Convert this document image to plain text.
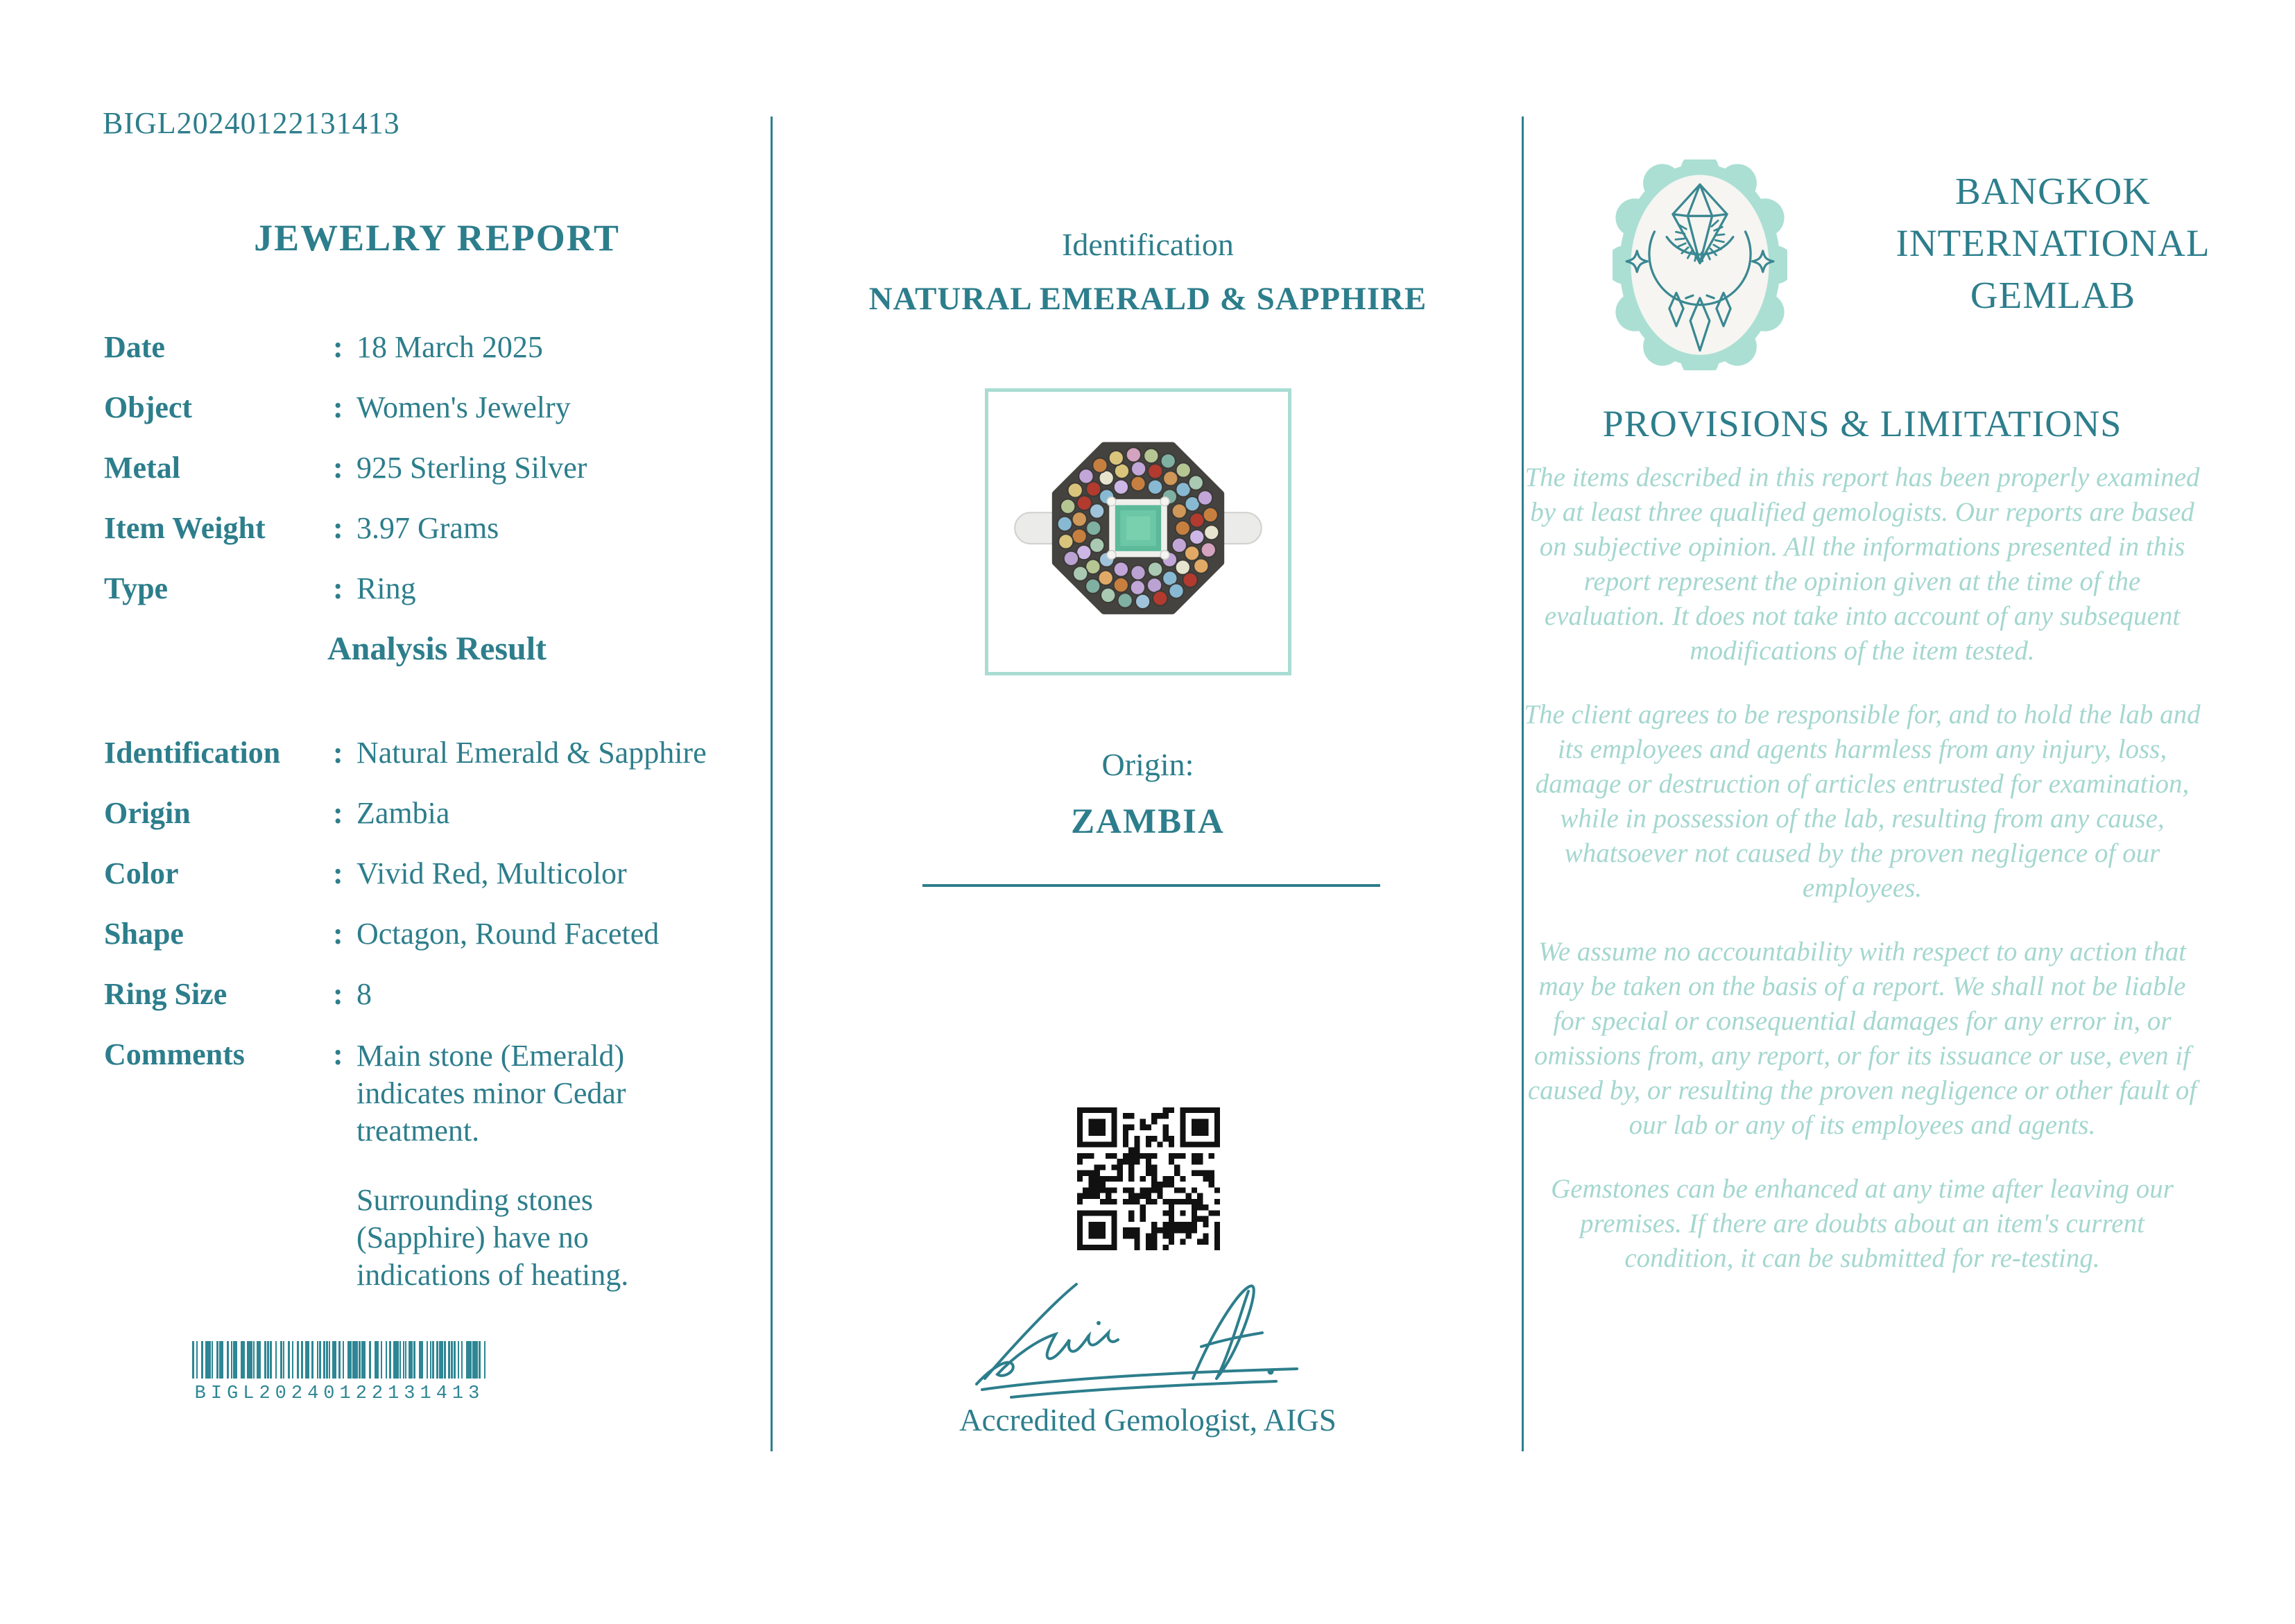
BIGL20240122131413
JEWELRY REPORT
Date :	18 March 2025
Object :	Women's Jewelry
Metal :	925 Sterling Silver
Item Weight :	3.97 Grams
Type :	Ring
Analysis Result
Identification :	Natural Emerald & Sapphire
Origin :	Zambia
Color :	Vivid Red, Multicolor
Shape :	Octagon, Round Faceted
Ring Size :	8
Comments :	Main stone (Emerald) indicates minor Cedar treatment.

Surrounding stones (Sapphire) have no indications of heating.

BIGL20240122131413
Identification
NATURAL EMERALD & SAPPHIRE
Origin:
ZAMBIA
Accredited Gemologist, AIGS
BANGKOK
INTERNATIONAL
GEMLAB
PROVISIONS & LIMITATIONS

The items described in this report has been properly examined by at least three qualified gemologists. Our reports are based on subjective opinion. All the informations presented in this report represent the opinion given at the time of the evaluation. It does not take into account of any subsequent modifications of the item tested.

The client agrees to be responsible for, and to hold the lab and its employees and agents harmless from any injury, loss, damage or destruction of articles entrusted for examination, while in possession of the lab, resulting from any cause, whatsoever not caused by the proven negligence of our employees.

We assume no accountability with respect to any action that may be taken on the basis of a report. We shall not be liable for special or consequential damages for any error in, or omissions from, any report, or for its issuance or use, even if caused by, or resulting the proven negligence or other fault of our lab or any of its employees and agents.

Gemstones can be enhanced at any time after leaving our premises. If there are doubts about an item's current condition, it can be submitted for re-testing.
